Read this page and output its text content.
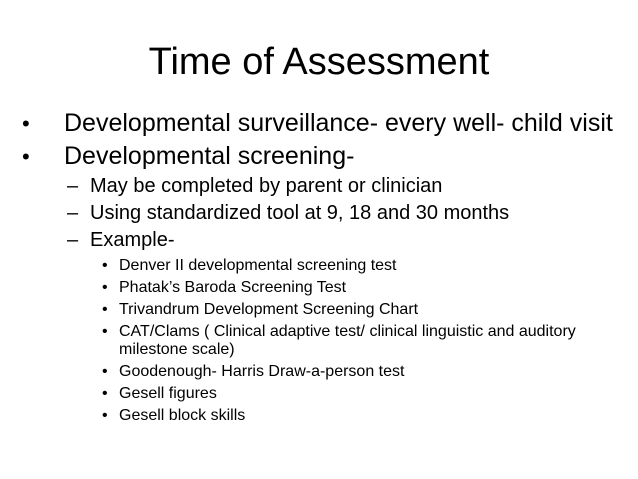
Time of Assessment
• Developmental surveillance- every well- child visit
• Developmental screening-
– May be completed by parent or clinician
– Using standardized tool at 9, 18 and 30 months
– Example-
• Denver II developmental screening test
• Phatak’s Baroda Screening Test
• Trivandrum Development Screening Chart
• CAT/Clams ( Clinical adaptive test/ clinical linguistic and auditory milestone scale)
• Goodenough- Harris Draw-a-person test
• Gesell figures
• Gesell block skills
